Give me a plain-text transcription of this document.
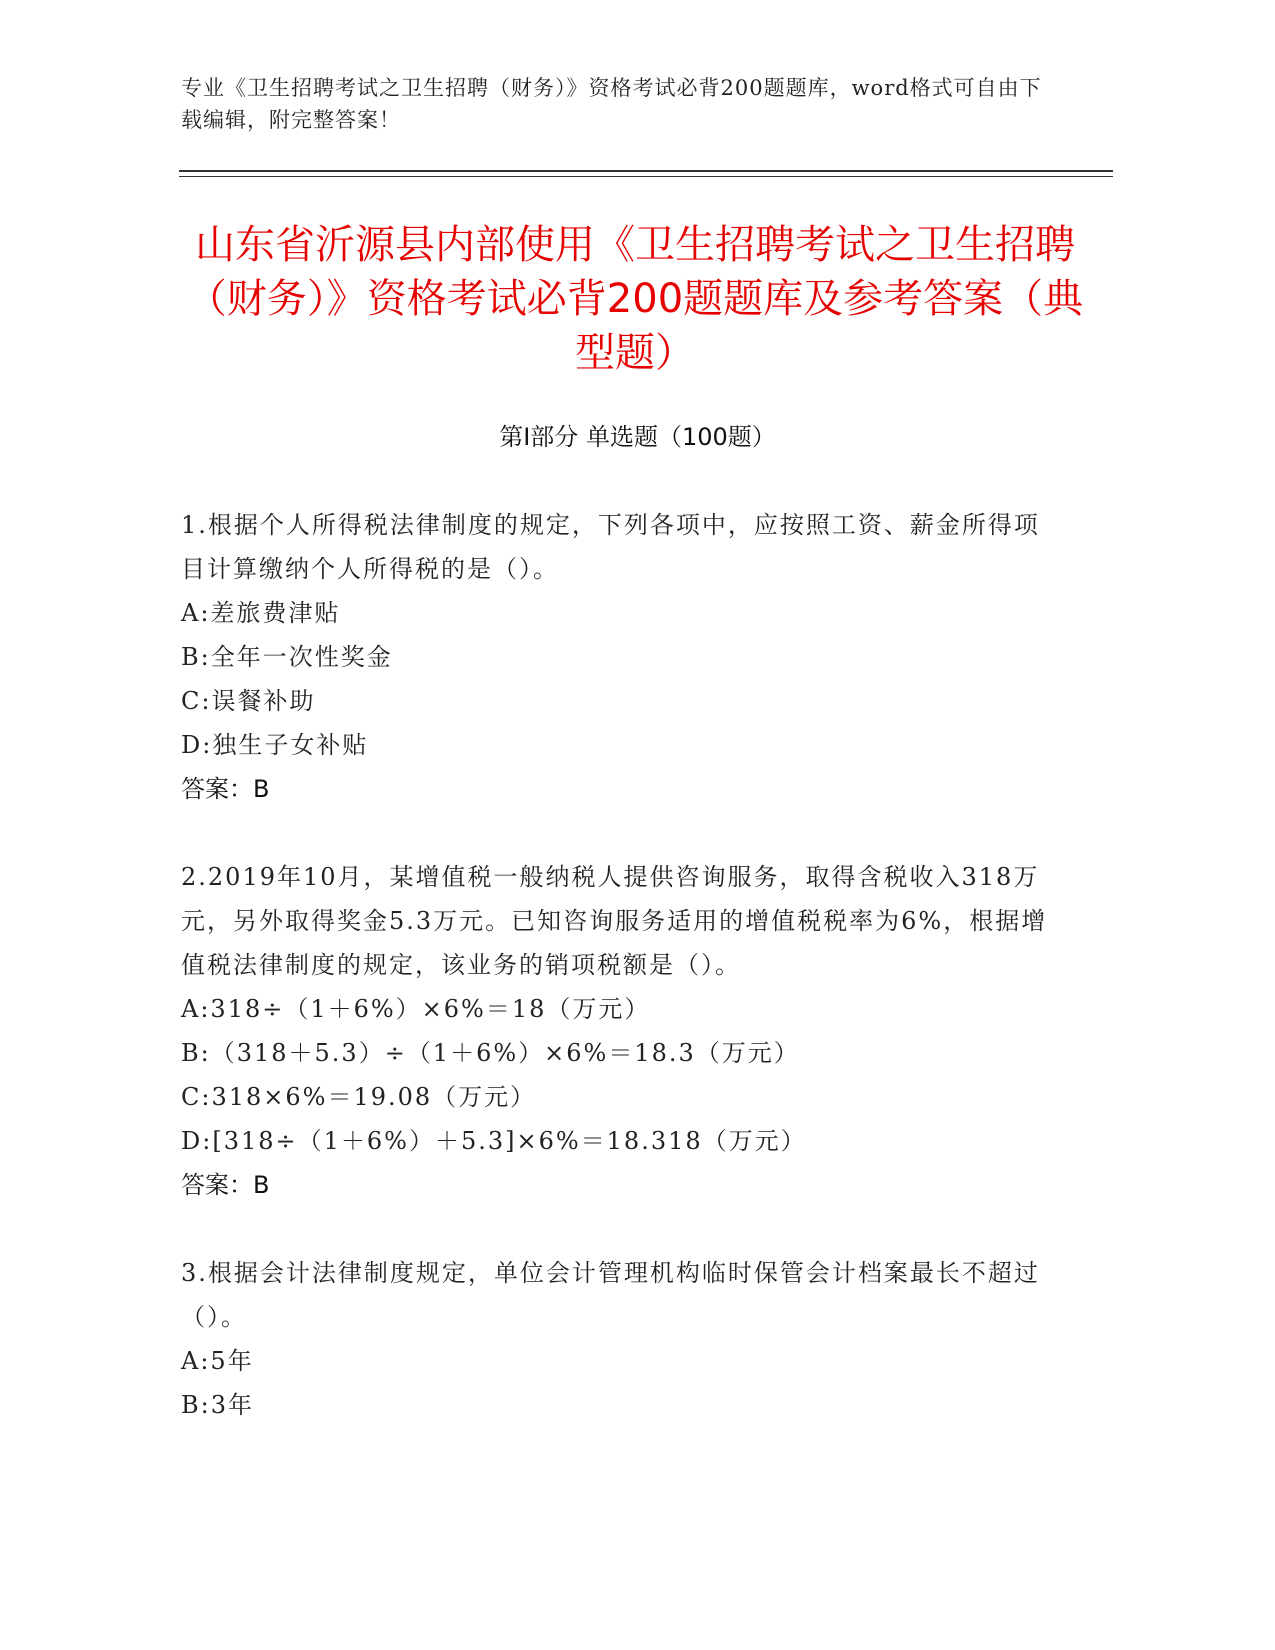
专业《卫生招聘考试之卫生招聘（财务）》资格考试必背200题题库，word格式可自由下载编辑，附完整答案！
山东省沂源县内部使用《卫生招聘考试之卫生招聘（财务）》资格考试必背200题题库及参考答案（典型题）
第Ⅰ部分 单选题（100题）
1.根据个人所得税法律制度的规定，下列各项中，应按照工资、薪金所得项目计算缴纳个人所得税的是（）。
A:差旅费津贴
B:全年一次性奖金
C:误餐补助
D:独生子女补贴
答案：B
2.2019年10月，某增值税一般纳税人提供咨询服务，取得含税收入318万元，另外取得奖金5.3万元。已知咨询服务适用的增值税税率为6%，根据增值税法律制度的规定，该业务的销项税额是（）。
A:318÷（1＋6%）×6%＝18（万元）
B:（318＋5.3）÷（1＋6%）×6%＝18.3（万元）
C:318×6%＝19.08（万元）
D:[318÷（1＋6%）＋5.3]×6%＝18.318（万元）
答案：B
3.根据会计法律制度规定，单位会计管理机构临时保管会计档案最长不超过（）。
A:5年
B:3年
